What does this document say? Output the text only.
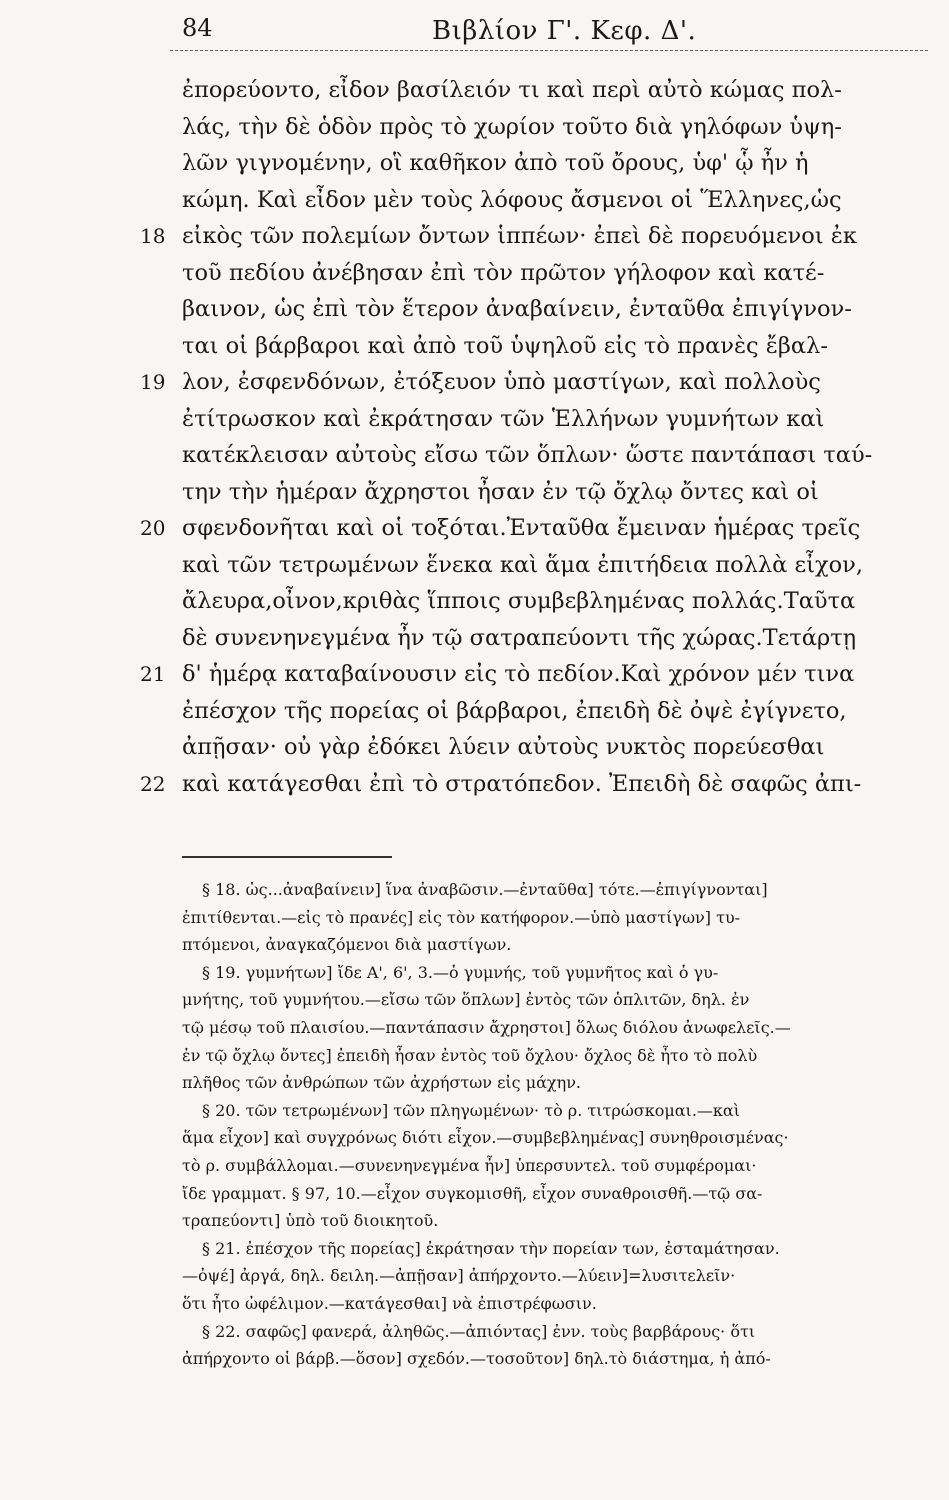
84	Βιβλίον Γ'. Κεφ. Δ'.
ἐπορεύοντο, εἶδον βασίλειόν τι καὶ περὶ αὐτὸ κώμας πολ-
λάς, τὴν δὲ ὁδὸν πρὸς τὸ χωρίον τοῦτο διὰ γηλόφων ὑψη-
λῶν γιγνομένην, οἳ καθῆκον ἀπὸ τοῦ ὄρους, ὑφ' ᾧ ἦν ἡ
κώμη. Καὶ εἶδον μὲν τοὺς λόφους ἄσμενοι οἱ Ἕλληνες,ὡς
εἰκὸς τῶν πολεμίων ὄντων ἱππέων· ἐπεὶ δὲ πορευόμενοι ἐκ
τοῦ πεδίου ἀνέβησαν ἐπὶ τὸν πρῶτον γήλοφον καὶ κατέ-
βαινον, ὡς ἐπὶ τὸν ἕτερον ἀναβαίνειν, ἐνταῦθα ἐπιγίγνον-
ται οἱ βάρβαροι καὶ ἀπὸ τοῦ ὑψηλοῦ εἰς τὸ πρανὲς ἔβαλ-
λον, ἐσφενδόνων, ἐτόξευον ὑπὸ μαστίγων, καὶ πολλοὺς
ἐτίτρωσκον καὶ ἐκράτησαν τῶν Ἑλλήνων γυμνήτων καὶ
κατέκλεισαν αὐτοὺς εἴσω τῶν ὅπλων· ὥστε παντάπασι ταύ-
την τὴν ἡμέραν ἄχρηστοι ἦσαν ἐν τῷ ὄχλῳ ὄντες καὶ οἱ
σφενδονῆται καὶ οἱ τοξόται.Ἐνταῦθα ἔμειναν ἡμέρας τρεῖς
καὶ τῶν τετρωμένων ἕνεκα καὶ ἅμα ἐπιτήδεια πολλὰ εἶχον,
ἄλευρα,οἶνον,κριθὰς ἵπποις συμβεβλημένας πολλάς.Ταῦτα
δὲ συνενηνεγμένα ἦν τῷ σατραπεύοντι τῆς χώρας.Τετάρτῃ
δ' ἡμέρᾳ καταβαίνουσιν εἰς τὸ πεδίον.Καὶ χρόνον μέν τινα
ἐπέσχον τῆς πορείας οἱ βάρβαροι, ἐπειδὴ δὲ ὀψὲ ἐγίγνετο,
ἀπῇσαν· οὐ γὰρ ἐδόκει λύειν αὐτοὺς νυκτὸς πορεύεσθαι
καὶ κατάγεσθαι ἐπὶ τὸ στρατόπεδον. Ἐπειδὴ δὲ σαφῶς ἀπι-
18
19
20
21
22
§ 18. ὡς...ἀναβαίνειν] ἵνα ἀναβῶσιν.—ἐνταῦθα] τότε.—ἐπιγίγνονται]
ἐπιτίθενται.—εἰς τὸ πρανές] εἰς τὸν κατήφορον.—ὑπὸ μαστίγων] τυ-
πτόμενοι, ἀναγκαζόμενοι διὰ μαστίγων.
§ 19. γυμνήτων] ἴδε Α', 6', 3.—ὁ γυμνής, τοῦ γυμνῆτος καὶ ὁ γυ-
μνήτης, τοῦ γυμνήτου.—εἴσω τῶν ὅπλων] ἐντὸς τῶν ὁπλιτῶν, δηλ. ἐν
τῷ μέσῳ τοῦ πλαισίου.—παντάπασιν ἄχρηστοι] ὅλως διόλου ἀνωφελεῖς.—
ἐν τῷ ὄχλῳ ὄντες] ἐπειδὴ ἦσαν ἐντὸς τοῦ ὄχλου· ὄχλος δὲ ἦτο τὸ πολὺ
πλῆθος τῶν ἀνθρώπων τῶν ἀχρήστων εἰς μάχην.
§ 20. τῶν τετρωμένων] τῶν πληγωμένων· τὸ ρ. τιτρώσκομαι.—καὶ
ἅμα εἶχον] καὶ συγχρόνως διότι εἶχον.—συμβεβλημένας] συνηθροισμένας·
τὸ ρ. συμβάλλομαι.—συνενηνεγμένα ἦν] ὑπερσυντελ. τοῦ συμφέρομαι·
ἴδε γραμματ. § 97, 10.—εἶχον συγκομισθῆ, εἶχον συναθροισθῆ.—τῷ σα-
τραπεύοντι] ὑπὸ τοῦ διοικητοῦ.
§ 21. ἐπέσχον τῆς πορείας] ἐκράτησαν τὴν πορείαν των, ἐσταμάτησαν.
—ὀψέ] ἀργά, δηλ. δειλη.—ἀπῇσαν] ἀπήρχοντο.—λύειν]=λυσιτελεῖν·
ὅτι ἦτο ὠφέλιμον.—κατάγεσθαι] νὰ ἐπιστρέφωσιν.
§ 22. σαφῶς] φανερά, ἀληθῶς.—ἀπιόντας] ἐνν. τοὺς βαρβάρους· ὅτι
ἀπήρχοντο οἱ βάρβ.—ὅσον] σχεδόν.—τοσοῦτον] δηλ.τὸ διάστημα, ἡ ἀπό-
